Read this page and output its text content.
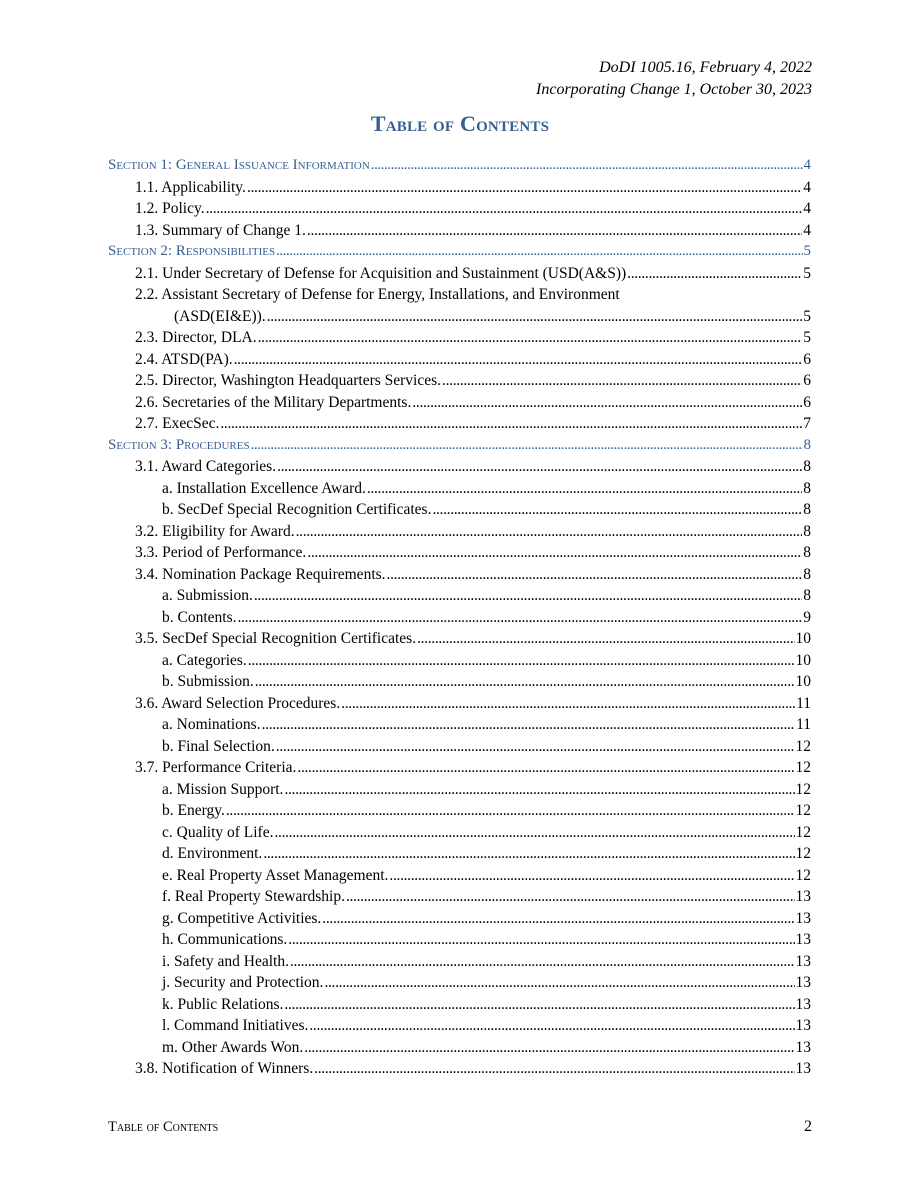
DoDI 1005.16, February 4, 2022
Incorporating Change 1, October 30, 2023
Table of Contents
Section 1: General Issuance Information . . .	4
1.1. Applicability. . . .	4
1.2. Policy. . . .	4
1.3. Summary of Change 1. . . .	4
Section 2: Responsibilities . . .	5
2.1. Under Secretary of Defense for Acquisition and Sustainment (USD(A&S)) . . .	5
2.2. Assistant Secretary of Defense for Energy, Installations, and Environment
(ASD(EI&E)). . . .	5
2.3. Director, DLA. . . .	5
2.4. ATSD(PA). . . .	6
2.5. Director, Washington Headquarters Services. . . .	6
2.6. Secretaries of the Military Departments. . . .	6
2.7. ExecSec. . . .	7
Section 3: Procedures . . .	8
3.1. Award Categories. . . .	8
a. Installation Excellence Award. . . .	8
b. SecDef Special Recognition Certificates. . . .	8
3.2. Eligibility for Award. . . .	8
3.3. Period of Performance. . . .	8
3.4. Nomination Package Requirements. . . .	8
a. Submission. . . .	8
b. Contents. . . .	9
3.5. SecDef Special Recognition Certificates. . . .	10
a. Categories. . . .	10
b. Submission. . . .	10
3.6. Award Selection Procedures. . . .	11
a. Nominations. . . .	11
b. Final Selection. . . .	12
3.7. Performance Criteria. . . .	12
a. Mission Support. . . .	12
b. Energy. . . .	12
c. Quality of Life. . . .	12
d. Environment. . . .	12
e. Real Property Asset Management. . . .	12
f. Real Property Stewardship. . . .	13
g. Competitive Activities. . . .	13
h. Communications. . . .	13
i. Safety and Health. . . .	13
j. Security and Protection. . . .	13
k. Public Relations. . . .	13
l. Command Initiatives. . . .	13
m. Other Awards Won. . . .	13
3.8. Notification of Winners. . . .	13
Table of Contents	2
